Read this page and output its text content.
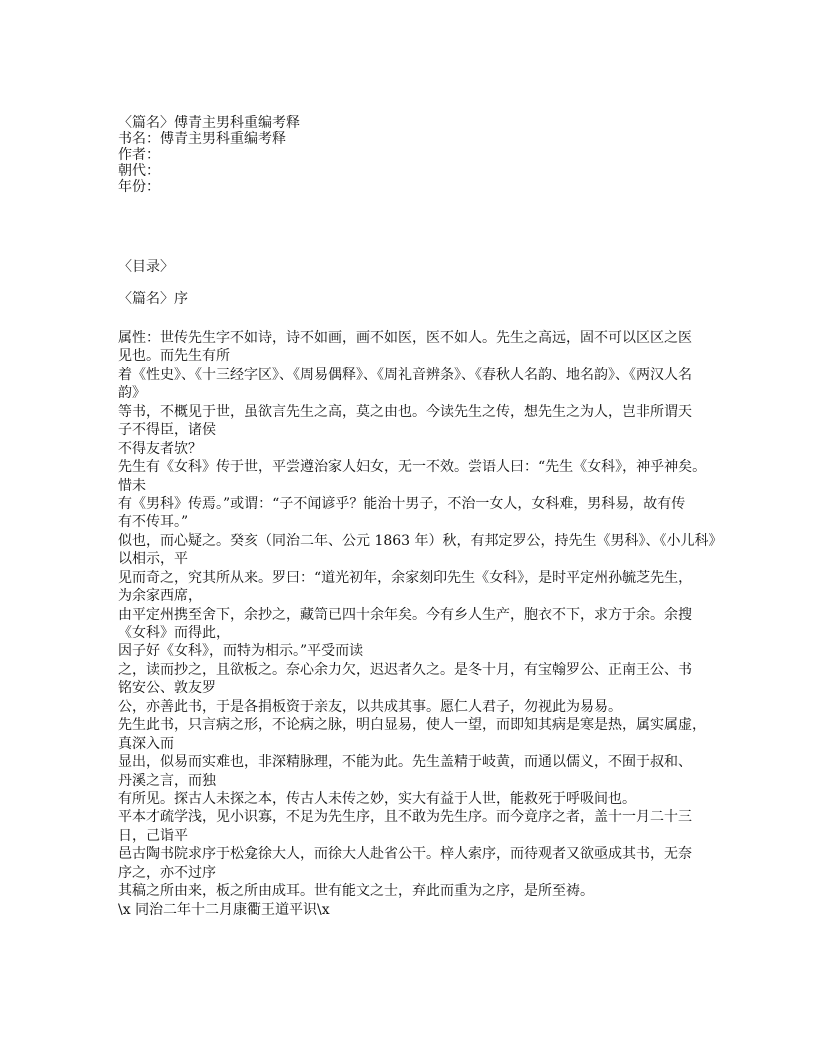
〈篇名〉傅青主男科重编考释
书名：傅青主男科重编考释
作者：
朝代：
年份：
〈目录〉
〈篇名〉序
属性：世传先生字不如诗，诗不如画，画不如医，医不如人。先生之高远，固不可以区区之医
见也。而先生有所
着《性史》、《十三经字区》、《周易偶释》、《周礼音辨条》、《春秋人名韵、地名韵》、《两汉人名
韵》
等书，不概见于世，虽欲言先生之高，莫之由也。今读先生之传，想先生之为人，岂非所谓天
子不得臣，诸侯
不得友者欤？
先生有《女科》传于世，平尝遵治家人妇女，无一不效。尝语人曰：“先生《女科》，神乎神矣。
惜未
有《男科》传焉。”或谓：“子不闻谚乎？能治十男子，不治一女人，女科难，男科易，故有传
有不传耳。”
似也，而心疑之。癸亥（同治二年、公元 1863 年）秋，有邦定罗公，持先生《男科》、《小儿科》
以相示，平
见而奇之，究其所从来。罗曰：“道光初年，余家刻印先生《女科》，是时平定州孙毓芝先生，
为余家西席，
由平定州携至舍下，余抄之，藏笥已四十余年矣。今有乡人生产，胞衣不下，求方于余。余搜
《女科》而得此，
因子好《女科》，而特为相示。”平受而读
之，读而抄之，且欲板之。奈心余力欠，迟迟者久之。是冬十月，有宝翰罗公、正南王公、书
铭安公、敦友罗
公，亦善此书，于是各捐板资于亲友，以共成其事。愿仁人君子，勿视此为易易。
先生此书，只言病之形，不论病之脉，明白显易，使人一望，而即知其病是寒是热，属实属虚，
真深入而
显出，似易而实难也，非深精脉理，不能为此。先生盖精于岐黄，而通以儒义，不囿于叔和、
丹溪之言，而独
有所见。探古人未探之本，传古人未传之妙，实大有益于人世，能救死于呼吸间也。
平本才疏学浅，见小识寡，不足为先生序，且不敢为先生序。而今竟序之者，盖十一月二十三
日，己诣平
邑古陶书院求序于松龛徐大人，而徐大人赴省公干。梓人索序，而待观者又欲亟成其书，无奈
序之，亦不过序
其稿之所由来，板之所由成耳。世有能文之士，弃此而重为之序，是所至祷。
\x 同治二年十二月康衢王道平识\x
